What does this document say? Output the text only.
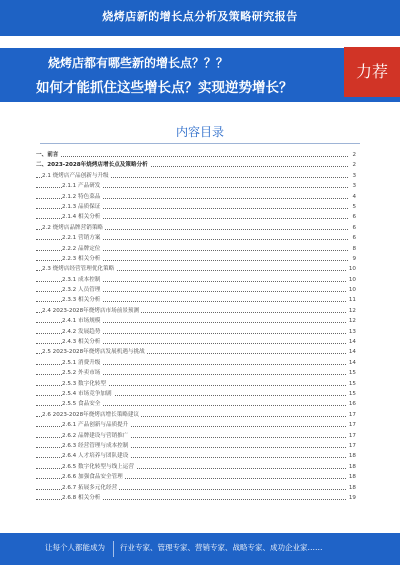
烧烤店新的增长点分析及策略研究报告
烧烤店都有哪些新的增长点？？？
如何才能抓住这些增长点？实现逆势增长？
力荐
内容目录
一、前言	2
二、2023-2028年烧烤店增长点及策略分析	2
2.1 烧烤店产品创新与升级	3
2.1.1 产品研发	3
2.1.2 特色菜品	4
2.1.3 品质保证	5
2.1.4 相关分析	6
2.2 烧烤店品牌营销策略	6
2.2.1 营销方案	6
2.2.2 品牌定位	8
2.2.3 相关分析	9
2.3 烧烤店经营管理优化策略	10
2.3.1 成本控制	10
2.3.2 人员管理	10
2.3.3 相关分析	11
2.4 2023-2028年烧烤店市场前景预测	12
2.4.1 市场规模	12
2.4.2 发展趋势	13
2.4.3 相关分析	14
2.5 2023-2028年烧烤店发展机遇与挑战	14
2.5.1 消费升级	14
2.5.2 外卖市场	15
2.5.3 数字化转型	15
2.5.4 市场竞争加剧	15
2.5.5 食品安全	16
2.6 2023-2028年烧烤店增长策略建议	17
2.6.1 产品创新与品质提升	17
2.6.2 品牌建设与营销推广	17
2.6.3 经营管理与成本控制	17
2.6.4 人才培养与团队建设	18
2.6.5 数字化转型与线上运营	18
2.6.6 加强食品安全管理	18
2.6.7 拓展多元化经营	18
2.6.8 相关分析	19
让每个人都能成为 行业专家、管理专家、营销专家、战略专家、成功企业家……
